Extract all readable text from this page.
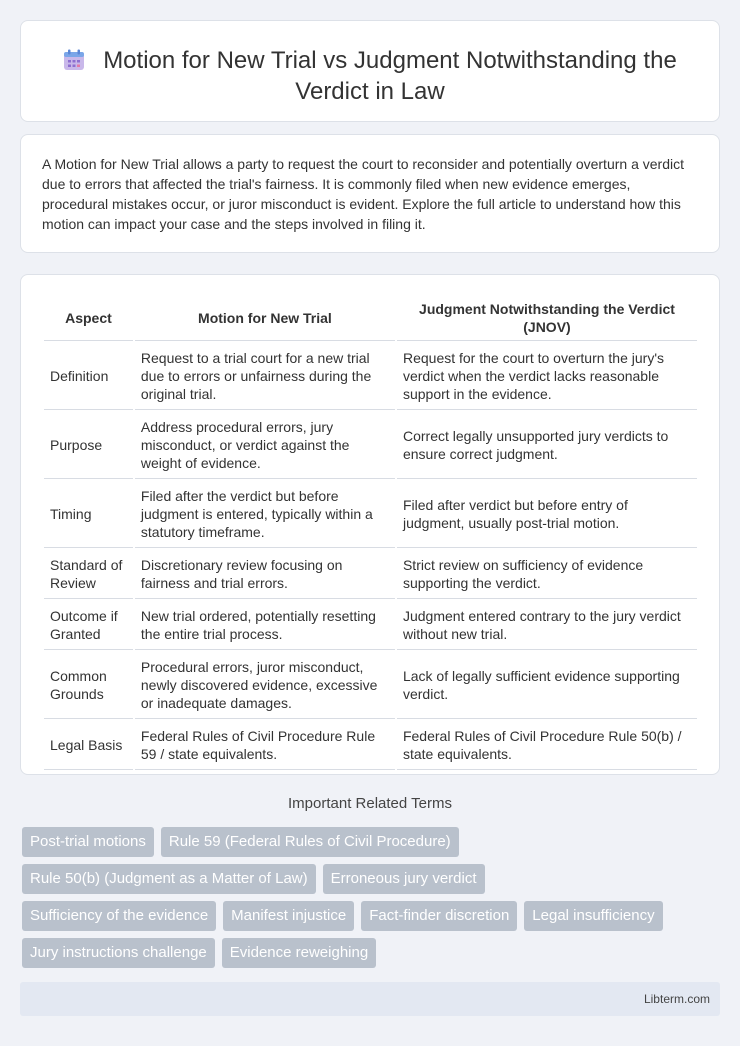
Motion for New Trial vs Judgment Notwithstanding the Verdict in Law

A Motion for New Trial allows a party to request the court to reconsider and potentially overturn a verdict due to errors that affected the trial's fairness. It is commonly filed when new evidence emerges, procedural mistakes occur, or juror misconduct is evident. Explore the full article to understand how this motion can impact your case and the steps involved in filing it.

Aspect	Motion for New Trial	Judgment Notwithstanding the Verdict (JNOV)
Definition	Request to a trial court for a new trial due to errors or unfairness during the original trial.	Request for the court to overturn the jury's verdict when the verdict lacks reasonable support in the evidence.
Purpose	Address procedural errors, jury misconduct, or verdict against the weight of evidence.	Correct legally unsupported jury verdicts to ensure correct judgment.
Timing	Filed after the verdict but before judgment is entered, typically within a statutory timeframe.	Filed after verdict but before entry of judgment, usually post-trial motion.
Standard of Review	Discretionary review focusing on fairness and trial errors.	Strict review on sufficiency of evidence supporting the verdict.
Outcome if Granted	New trial ordered, potentially resetting the entire trial process.	Judgment entered contrary to the jury verdict without new trial.
Common Grounds	Procedural errors, juror misconduct, newly discovered evidence, excessive or inadequate damages.	Lack of legally sufficient evidence supporting verdict.
Legal Basis	Federal Rules of Civil Procedure Rule 59 / state equivalents.	Federal Rules of Civil Procedure Rule 50(b) / state equivalents.
Important Related Terms
Post-trial motions	Rule 59 (Federal Rules of Civil Procedure)
Rule 50(b) (Judgment as a Matter of Law)	Erroneous jury verdict
Sufficiency of the evidence	Manifest injustice	Fact-finder discretion	Legal insufficiency
Jury instructions challenge	Evidence reweighing
Libterm.com
